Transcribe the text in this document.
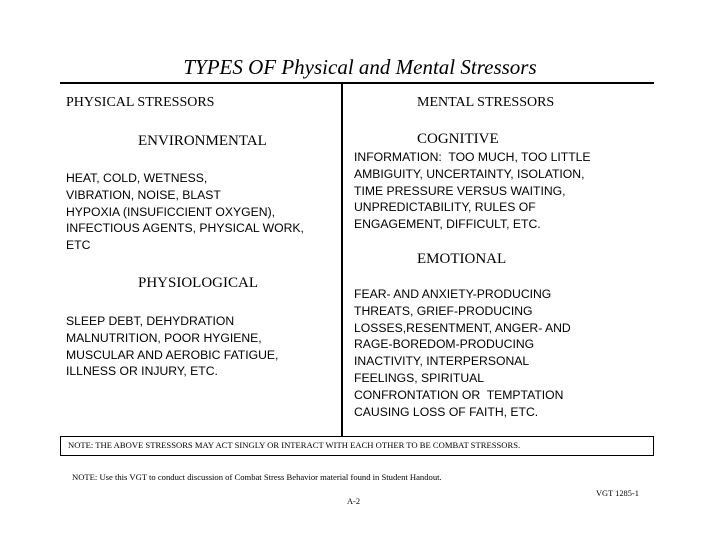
TYPES OF Physical and Mental Stressors
PHYSICAL STRESSORS
ENVIRONMENTAL
HEAT, COLD, WETNESS,
VIBRATION, NOISE, BLAST
HYPOXIA (INSUFICCIENT OXYGEN),
INFECTIOUS AGENTS, PHYSICAL WORK,
ETC
PHYSIOLOGICAL
SLEEP DEBT, DEHYDRATION
MALNUTRITION, POOR HYGIENE,
MUSCULAR AND AEROBIC FATIGUE,
ILLNESS OR INJURY, ETC.
MENTAL STRESSORS
COGNITIVE
INFORMATION:  TOO MUCH, TOO LITTLE
AMBIGUITY, UNCERTAINTY, ISOLATION,
TIME PRESSURE VERSUS WAITING,
UNPREDICTABILITY, RULES OF
ENGAGEMENT, DIFFICULT, ETC.
EMOTIONAL
FEAR- AND ANXIETY-PRODUCING
THREATS, GRIEF-PRODUCING
LOSSES,RESENTMENT, ANGER- AND
RAGE-BOREDOM-PRODUCING
INACTIVITY, INTERPERSONAL
FEELINGS, SPIRITUAL
CONFRONTATION OR  TEMPTATION
CAUSING LOSS OF FAITH, ETC.
NOTE: THE ABOVE STRESSORS MAY ACT SINGLY OR INTERACT WITH EACH OTHER TO BE COMBAT STRESSORS.
NOTE: Use this VGT to conduct discussion of Combat Stress Behavior material found in Student Handout.
A-2
VGT 1285-1
